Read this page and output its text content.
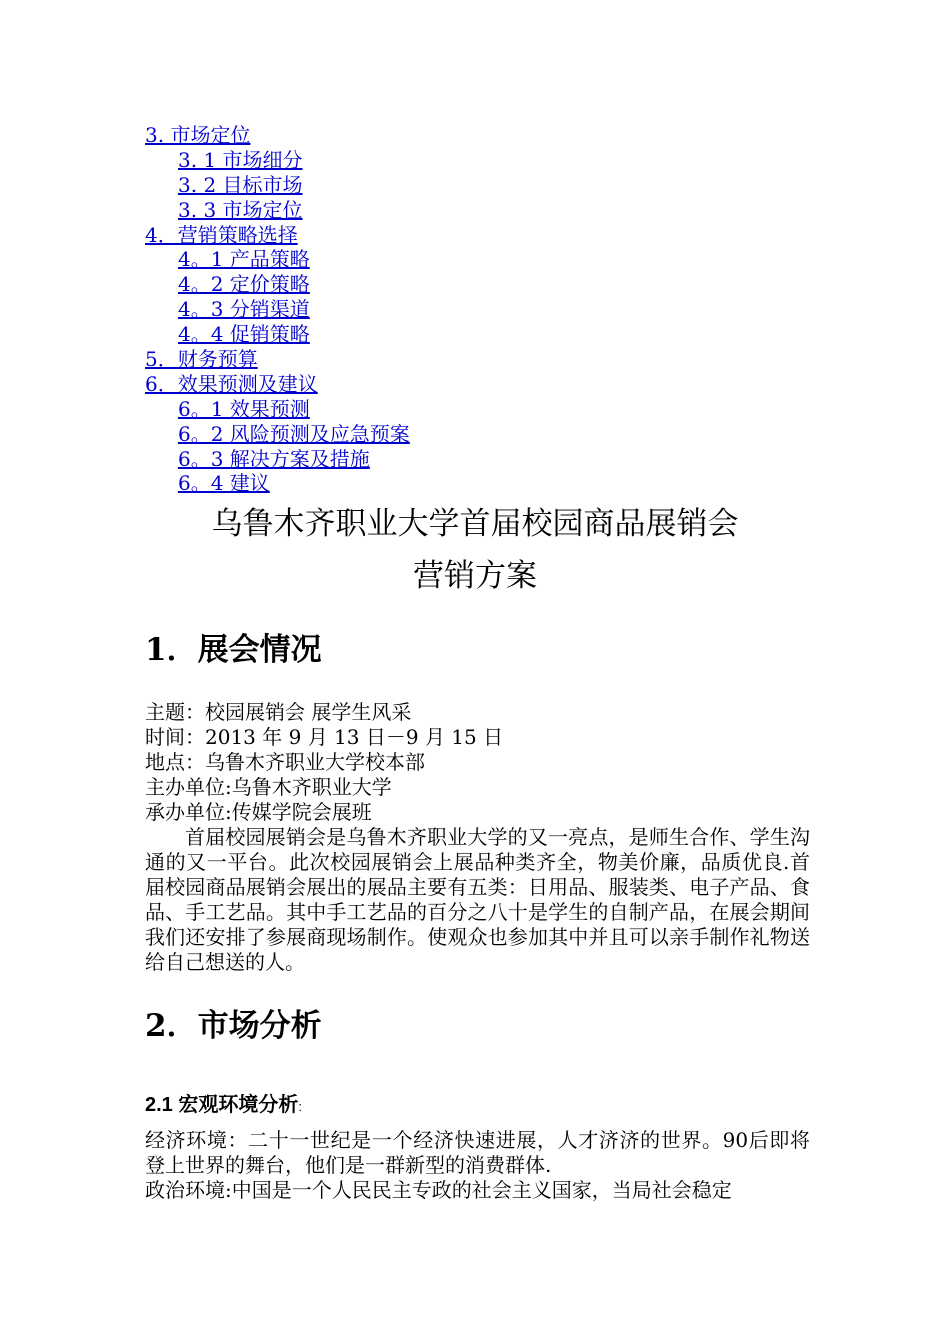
3. 市场定位
3. 1 市场细分
3. 2 目标市场
3. 3 市场定位
4．营销策略选择
4。1 产品策略
4。2 定价策略
4。3 分销渠道
4。4 促销策略
5．财务预算
6．效果预测及建议
6。1 效果预测
6。2 风险预测及应急预案
6。3 解决方案及措施
6。4 建议
乌鲁木齐职业大学首届校园商品展销会
营销方案
1．展会情况
主题：校园展销会 展学生风采
时间：2013 年 9 月 13 日－9 月 15 日
地点：乌鲁木齐职业大学校本部
主办单位:乌鲁木齐职业大学
承办单位:传媒学院会展班

首届校园展销会是乌鲁木齐职业大学的又一亮点，是师生合作、学生沟通的又一平台。此次校园展销会上展品种类齐全，物美价廉，品质优良.首届校园商品展销会展出的展品主要有五类：日用品、服装类、电子产品、食品、手工艺品。其中手工艺品的百分之八十是学生的自制产品，在展会期间我们还安排了参展商现场制作。使观众也参加其中并且可以亲手制作礼物送给自己想送的人。

2．市场分析
2.1 宏观环境分析:

经济环境：二十一世纪是一个经济快速进展，人才济济的世界。90后即将登上世界的舞台，他们是一群新型的消费群体.

政治环境:中国是一个人民民主专政的社会主义国家，当局社会稳定
